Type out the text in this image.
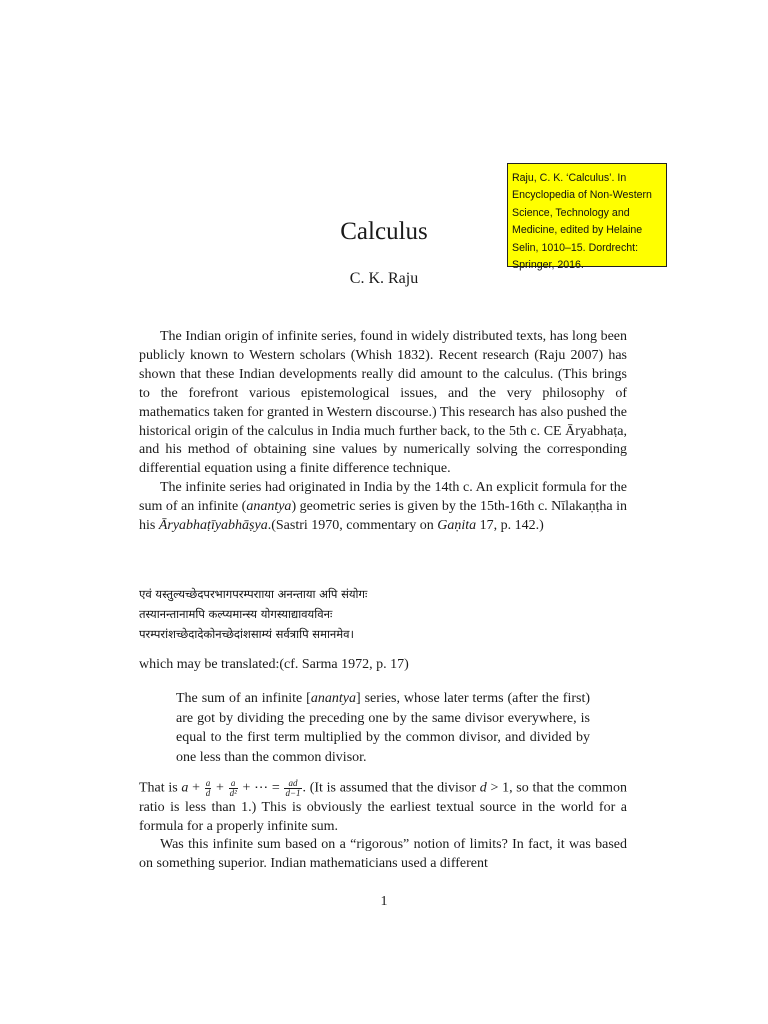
Raju, C. K. ‘Calculus’. In
Encyclopedia of Non-Western
Science, Technology and
Medicine, edited by Helaine
Selin, 1010–15. Dordrecht:
Springer, 2016.
Calculus
C. K. Raju

The Indian origin of infinite series, found in widely distributed texts, has long been publicly known to Western scholars (Whish 1832). Recent research (Raju 2007) has shown that these Indian developments really did amount to the calculus. (This brings to the forefront various epistemological issues, and the very philosophy of mathematics taken for granted in Western discourse.) This research has also pushed the historical origin of the calculus in India much further back, to the 5th c. CE Āryabhaṭa, and his method of obtaining sine values by numerically solving the corresponding differential equation using a finite difference technique.

The infinite series had originated in India by the 14th c. An explicit formula for the sum of an infinite (anantya) geometric series is given by the 15th-16th c. Nīlakaṇṭha in his Āryabhaṭīyabhāṣya.(Sastri 1970, commentary on Gaṇita 17, p. 142.)

एवं यस्तुल्यच्छेदपरभागपरम्परााया अनन्ताया अपि संयोगः
तस्यानन्तानामपि कल्प्यमान्स्य योगस्याद्यावयविनः
परम्परांशच्छेदादेकोनच्छेदांशसाम्यं सर्वत्रापि समानमेव।

which may be translated:(cf. Sarma 1972, p. 17)

The sum of an infinite [anantya] series, whose later terms (after the first) are got by dividing the preceding one by the same divisor everywhere, is equal to the first term multiplied by the common divisor, and divided by one less than the common divisor.

That is $a + \frac{a}{d} + \frac{a}{\text{d²}}$ + ⋯ = $\frac{ad}{d-1}$ . (It is assumed that the divisor d > 1, so that the common ratio is less than 1.) This is obviously the earliest textual source in the world for a formula for a properly infinite sum.

Was this infinite sum based on a “rigorous” notion of limits? In fact, it was based on something superior. Indian mathematicians used a different

1
